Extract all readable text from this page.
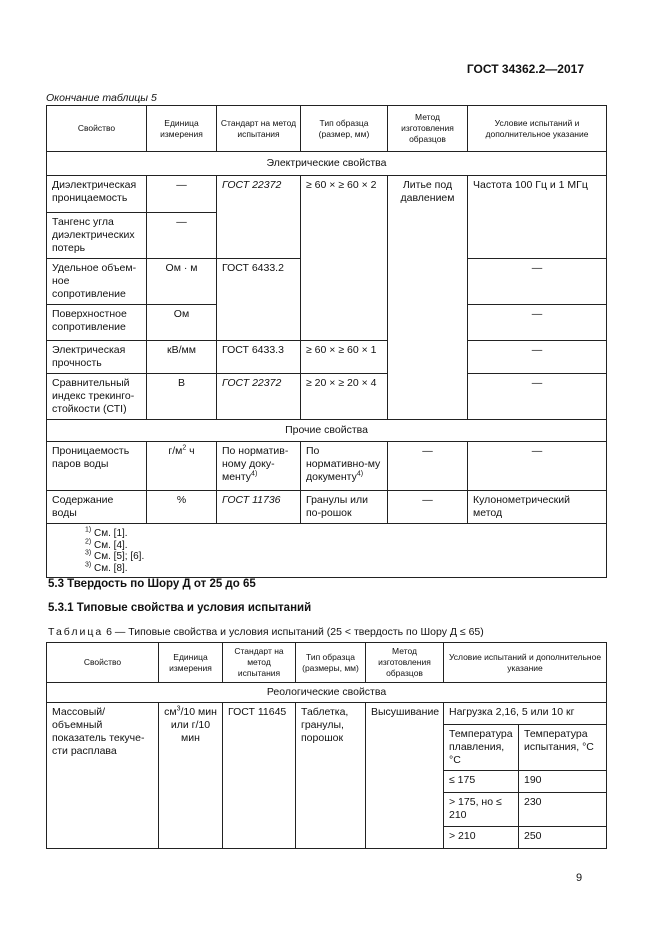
ГОСТ 34362.2—2017
Окончание таблицы 5
Свойство	Единица измерения	Стандарт на метод испытания	Тип образца (размер, мм)	Метод изготовления образцов	Условие испытаний и дополнительное указание
Электрические свойства					
Диэлектрическая проницаемость	—	ГОСТ 22372	≥ 60 × ≥ 60 × 2	Литье под давлением	Частота 100 Гц и 1 МГц
Тангенс угла диэлектрических потерь	—				
Удельное объем-ное сопротивление	Ом · м	ГОСТ 6433.2			—
Поверхностное сопротивление	Ом				—
Электрическая прочность	кВ/мм	ГОСТ 6433.3	≥ 60 × ≥ 60 × 1		—
Сравнительный индекс трекинго-стойкости (СТI)	В	ГОСТ 22372	≥ 20 × ≥ 20 × 4		—
Прочие свойства					
Проницаемость паров воды	$г/м^2$ ч	По норматив-ному доку-менту$^{4)}$	По нормативно-му документу$^{4)}$	—	—
Содержание воды	%	ГОСТ 11736	Гранулы или по-рошок	—	Кулонометрический метод

$^{1)}$ См. [1].
$^{2)}$ См. [4].
$^{3)}$ См. [5]; [6].
$^{3)}$ См. [8].					
5.3 Твердость по Шору Д от 25 до 65
5.3.1 Типовые свойства и условия испытаний
Таблица 6 — Типовые свойства и условия испытаний (25 < твердость по Шору Д ≤ 65)
Свойство	Единица измерения	Стандарт на метод испытания	Тип образца (размеры, мм)	Метод изготовления образцов	Условие испытаний и дополнительное указание	
Реологические свойства						
Массовый/объемный показатель текуче-сти расплава	$см^3/10$ мин или г/10 мин	ГОСТ 11645	Таблетка, гранулы, порошок	Высушивание	Нагрузка 2,16, 5 или 10 кг	
					Температура плавления, °С	Температура испытания, °С
					≤ 175	190
					> 175, но ≤ 210	230
					> 210	250
9
